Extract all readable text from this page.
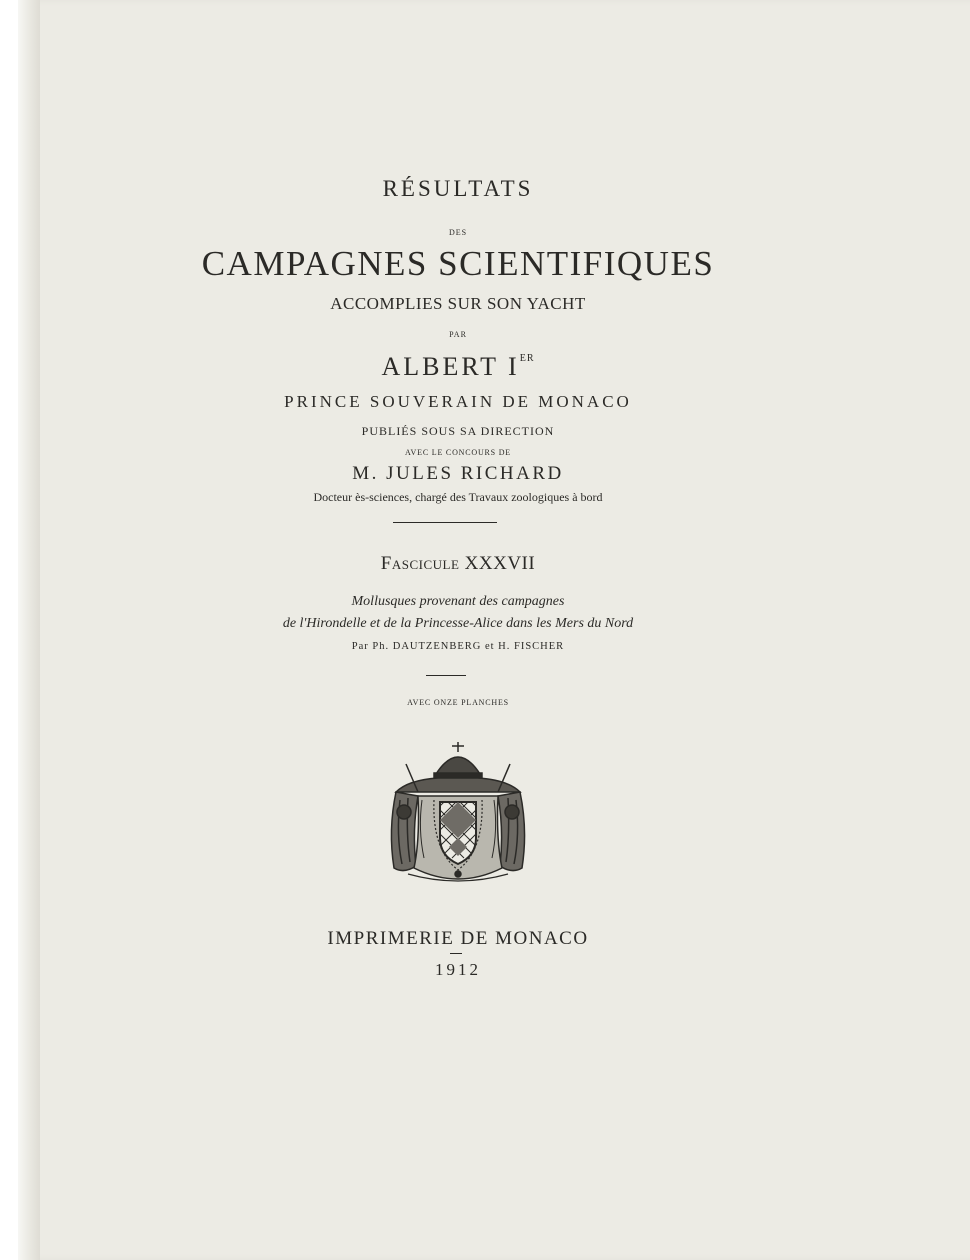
RÉSULTATS
DES
CAMPAGNES SCIENTIFIQUES
ACCOMPLIES SUR SON YACHT
PAR
ALBERT IER
PRINCE SOUVERAIN DE MONACO
PUBLIÉS SOUS SA DIRECTION
AVEC LE CONCOURS DE
M. JULES RICHARD
Docteur ès-sciences, chargé des Travaux zoologiques à bord
Fascicule XXXVII
Mollusques provenant des campagnes
de l'Hirondelle et de la Princesse-Alice dans les Mers du Nord
Par Ph. DAUTZENBERG et H. FISCHER
AVEC ONZE PLANCHES
IMPRIMERIE DE MONACO
1912
